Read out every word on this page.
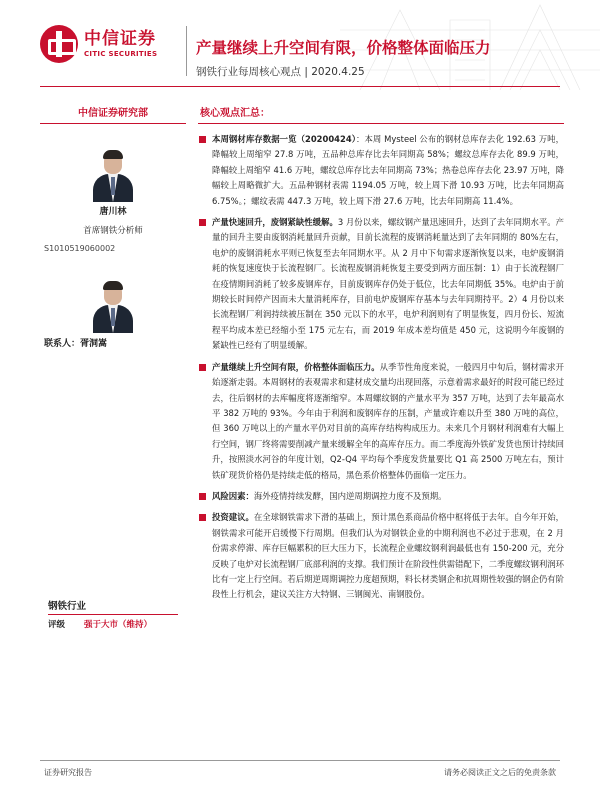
中信证券
CITIC SECURITIES 产量继续上升空间有限，价格整体面临压力
钢铁行业每周核心观点 | 2020.4.25
中信证券研究部
唐川林
首席钢铁分析师
S1010519060002
联系人：胥洞嵩
钢铁行业
评级	强于大市（维持）
核心观点汇总：
本周钢材库存数据一览（20200424）：本周 Mysteel 公布的钢材总库存去化 192.63 万吨，降幅较上周缩窄 27.8 万吨，五品种总库存比去年同期高 58%；螺纹总库存去化 89.9 万吨，降幅较上周缩窄 41.6 万吨，螺纹总库存比去年同期高 73%；热卷总库存去化 23.97 万吨，降幅较上周略微扩大。五品种钢材表需 1194.05 万吨，较上周下滑 10.93 万吨，比去年同期高 6.75%。；螺纹表需 447.3 万吨，较上周下滑 27.6 万吨，比去年同期高 11.4%。
产量快速回升，废钢紧缺性缓解。3 月份以来，螺纹钢产量迅速回升，达到了去年同期水平。产量的回升主要由废钢消耗量回升贡献，目前长流程的废钢消耗量达到了去年同期的 80%左右，电炉的废钢消耗水平则已恢复至去年同期水平。从 2 月中下旬需求逐渐恢复以来，电炉废钢消耗的恢复速度快于长流程钢厂。长流程废钢消耗恢复主要受到两方面压制：1）由于长流程钢厂在疫情期间消耗了较多废钢库存，目前废钢库存仍处于低位，比去年同期低 35%。电炉由于前期较长时间停产因而未大量消耗库存，目前电炉废钢库存基本与去年同期持平。2）4 月份以来长流程钢厂利润持续被压制在 350 元以下的水平，电炉利润则有了明显恢复，四月份长、短流程平均成本差已经缩小至 175 元左右，而 2019 年成本差均值是 450 元，这说明今年废钢的紧缺性已经有了明显缓解。
产量继续上升空间有限，价格整体面临压力。从季节性角度来说，一般四月中旬后，钢材需求开始逐渐走弱。本周钢材的表观需求和建材成交量均出现回落，示意着需求最好的时段可能已经过去，往后钢材的去库幅度将逐渐缩窄。本周螺纹钢的产量水平为 357 万吨，达到了去年最高水平 382 万吨的 93%。今年由于利润和废钢库存的压制，产量或许难以升至 380 万吨的高位，但 360 万吨以上的产量水平仍对目前的高库存结构构成压力。未来几个月钢材利润难有大幅上行空间，钢厂终将需要削减产量来缓解全年的高库存压力。而二季度海外铁矿发货也预计持续回升，按照淡水河谷的年度计划，Q2-Q4 平均每个季度发货量要比 Q1 高 2500 万吨左右，预计铁矿现货价格仍是持续走低的格局，黑色系价格整体仍面临一定压力。
风险因素：海外疫情持续发酵，国内逆周期调控力度不及预期。
投资建议。在全球钢铁需求下滑的基础上，预计黑色系商品价格中枢将低于去年。自今年开始，钢铁需求可能开启缓慢下行周期。但我们认为对钢铁企业的中期利润也不必过于悲观，在 2 月份需求停滞、库存巨幅累积的巨大压力下，长流程企业螺纹钢利润最低也有 150-200 元，充分反映了电炉对长流程钢厂底部利润的支撑。我们预计在阶段性供需错配下，二季度螺纹钢利润环比有一定上行空间。若后期逆周期调控力度超预期，料长材类钢企和抗周期性较强的钢企仍有阶段性上行机会，建议关注方大特钢、三钢闽光、南钢股份。
证券研究报告	请务必阅读正文之后的免责条款
